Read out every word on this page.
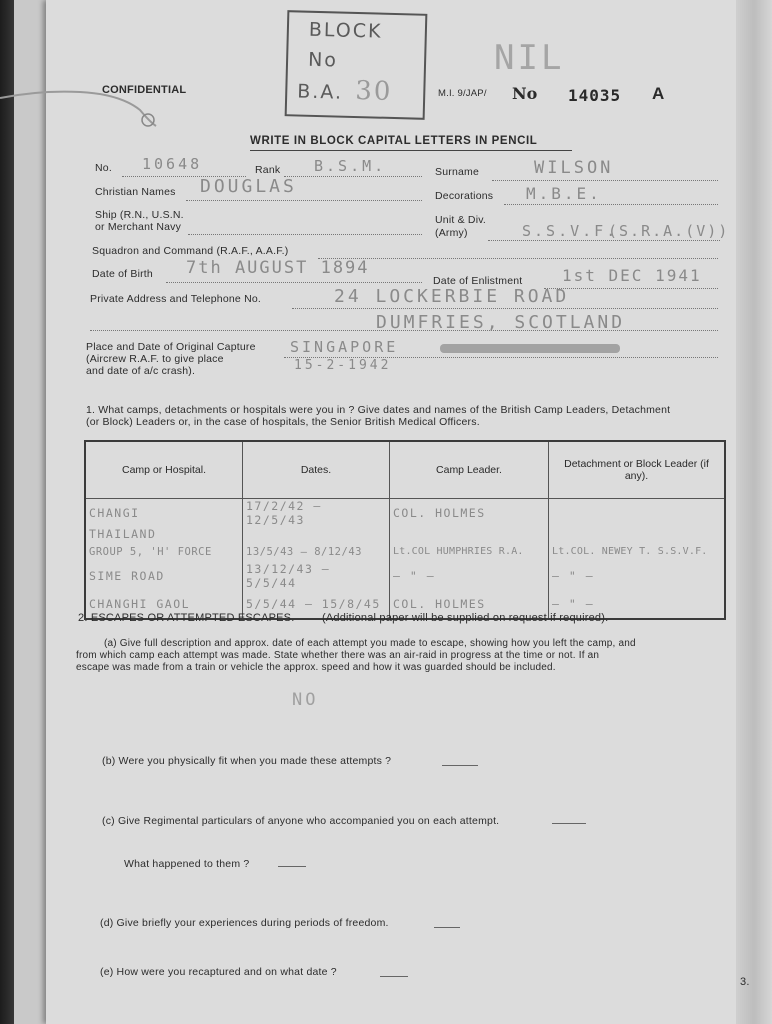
CONFIDENTIAL
BLOCK
No
B.A. 30
NIL
M.I. 9/JAP/ No 14035 A
WRITE IN BLOCK CAPITAL LETTERS IN PENCIL
No. 10648	Rank B.S.M.	Surname	WILSON
Christian Names DOUGLAS	Decorations M.B.E.
Ship (R.N., U.S.N.
or Merchant Navy
Unit & Div.
(Army)	S.S.V.F.
(S.R.A.(V))
Squadron and Command (R.A.F., A.A.F.)
Date of Birth 7th AUGUST 1894
Date of Enlistment 1st DEC 1941
Private Address and Telephone No.	24 LOCKERBIE ROAD
DUMFRIES, SCOTLAND
Place and Date of Original Capture
(Aircrew R.A.F. to give place
and date of a/c crash).
SINGAPORE
15-2-1942
1. What camps, detachments or hospitals were you in ? Give dates and names of the British Camp Leaders, Detachment
(or Block) Leaders or, in the case of hospitals, the Senior British Medical Officers.
Camp or Hospital.	Dates.	Camp Leader.	Detachment or Block Leader (if any).
CHANGI	17/2/42 — 12/5/43	COL. HOLMES	
THAILAND			
GROUP 5, 'H' FORCE	13/5/43 — 8/12/43	Lt.COL HUMPHRIES R.A.	Lt.COL. NEWEY T. S.S.V.F.
SIME ROAD	13/12/43 — 5/5/44	— " —	— " —
CHANGHI GAOL	5/5/44 — 15/8/45	COL. HOLMES	— " —
2. ESCAPES OR ATTEMPTED ESCAPES.	(Additional paper will be supplied on request if required).
(a) Give full description and approx. date of each attempt you made to escape, showing how you left the camp, and
from which camp each attempt was made. State whether there was an air-raid in progress at the time or not. If an
escape was made from a train or vehicle the approx. speed and how it was guarded should be included.
NO
(b) Were you physically fit when you made these attempts ?
(c) Give Regimental particulars of anyone who accompanied you on each attempt.
What happened to them ?
(d) Give briefly your experiences during periods of freedom.
(e) How were you recaptured and on what date ?
3.
